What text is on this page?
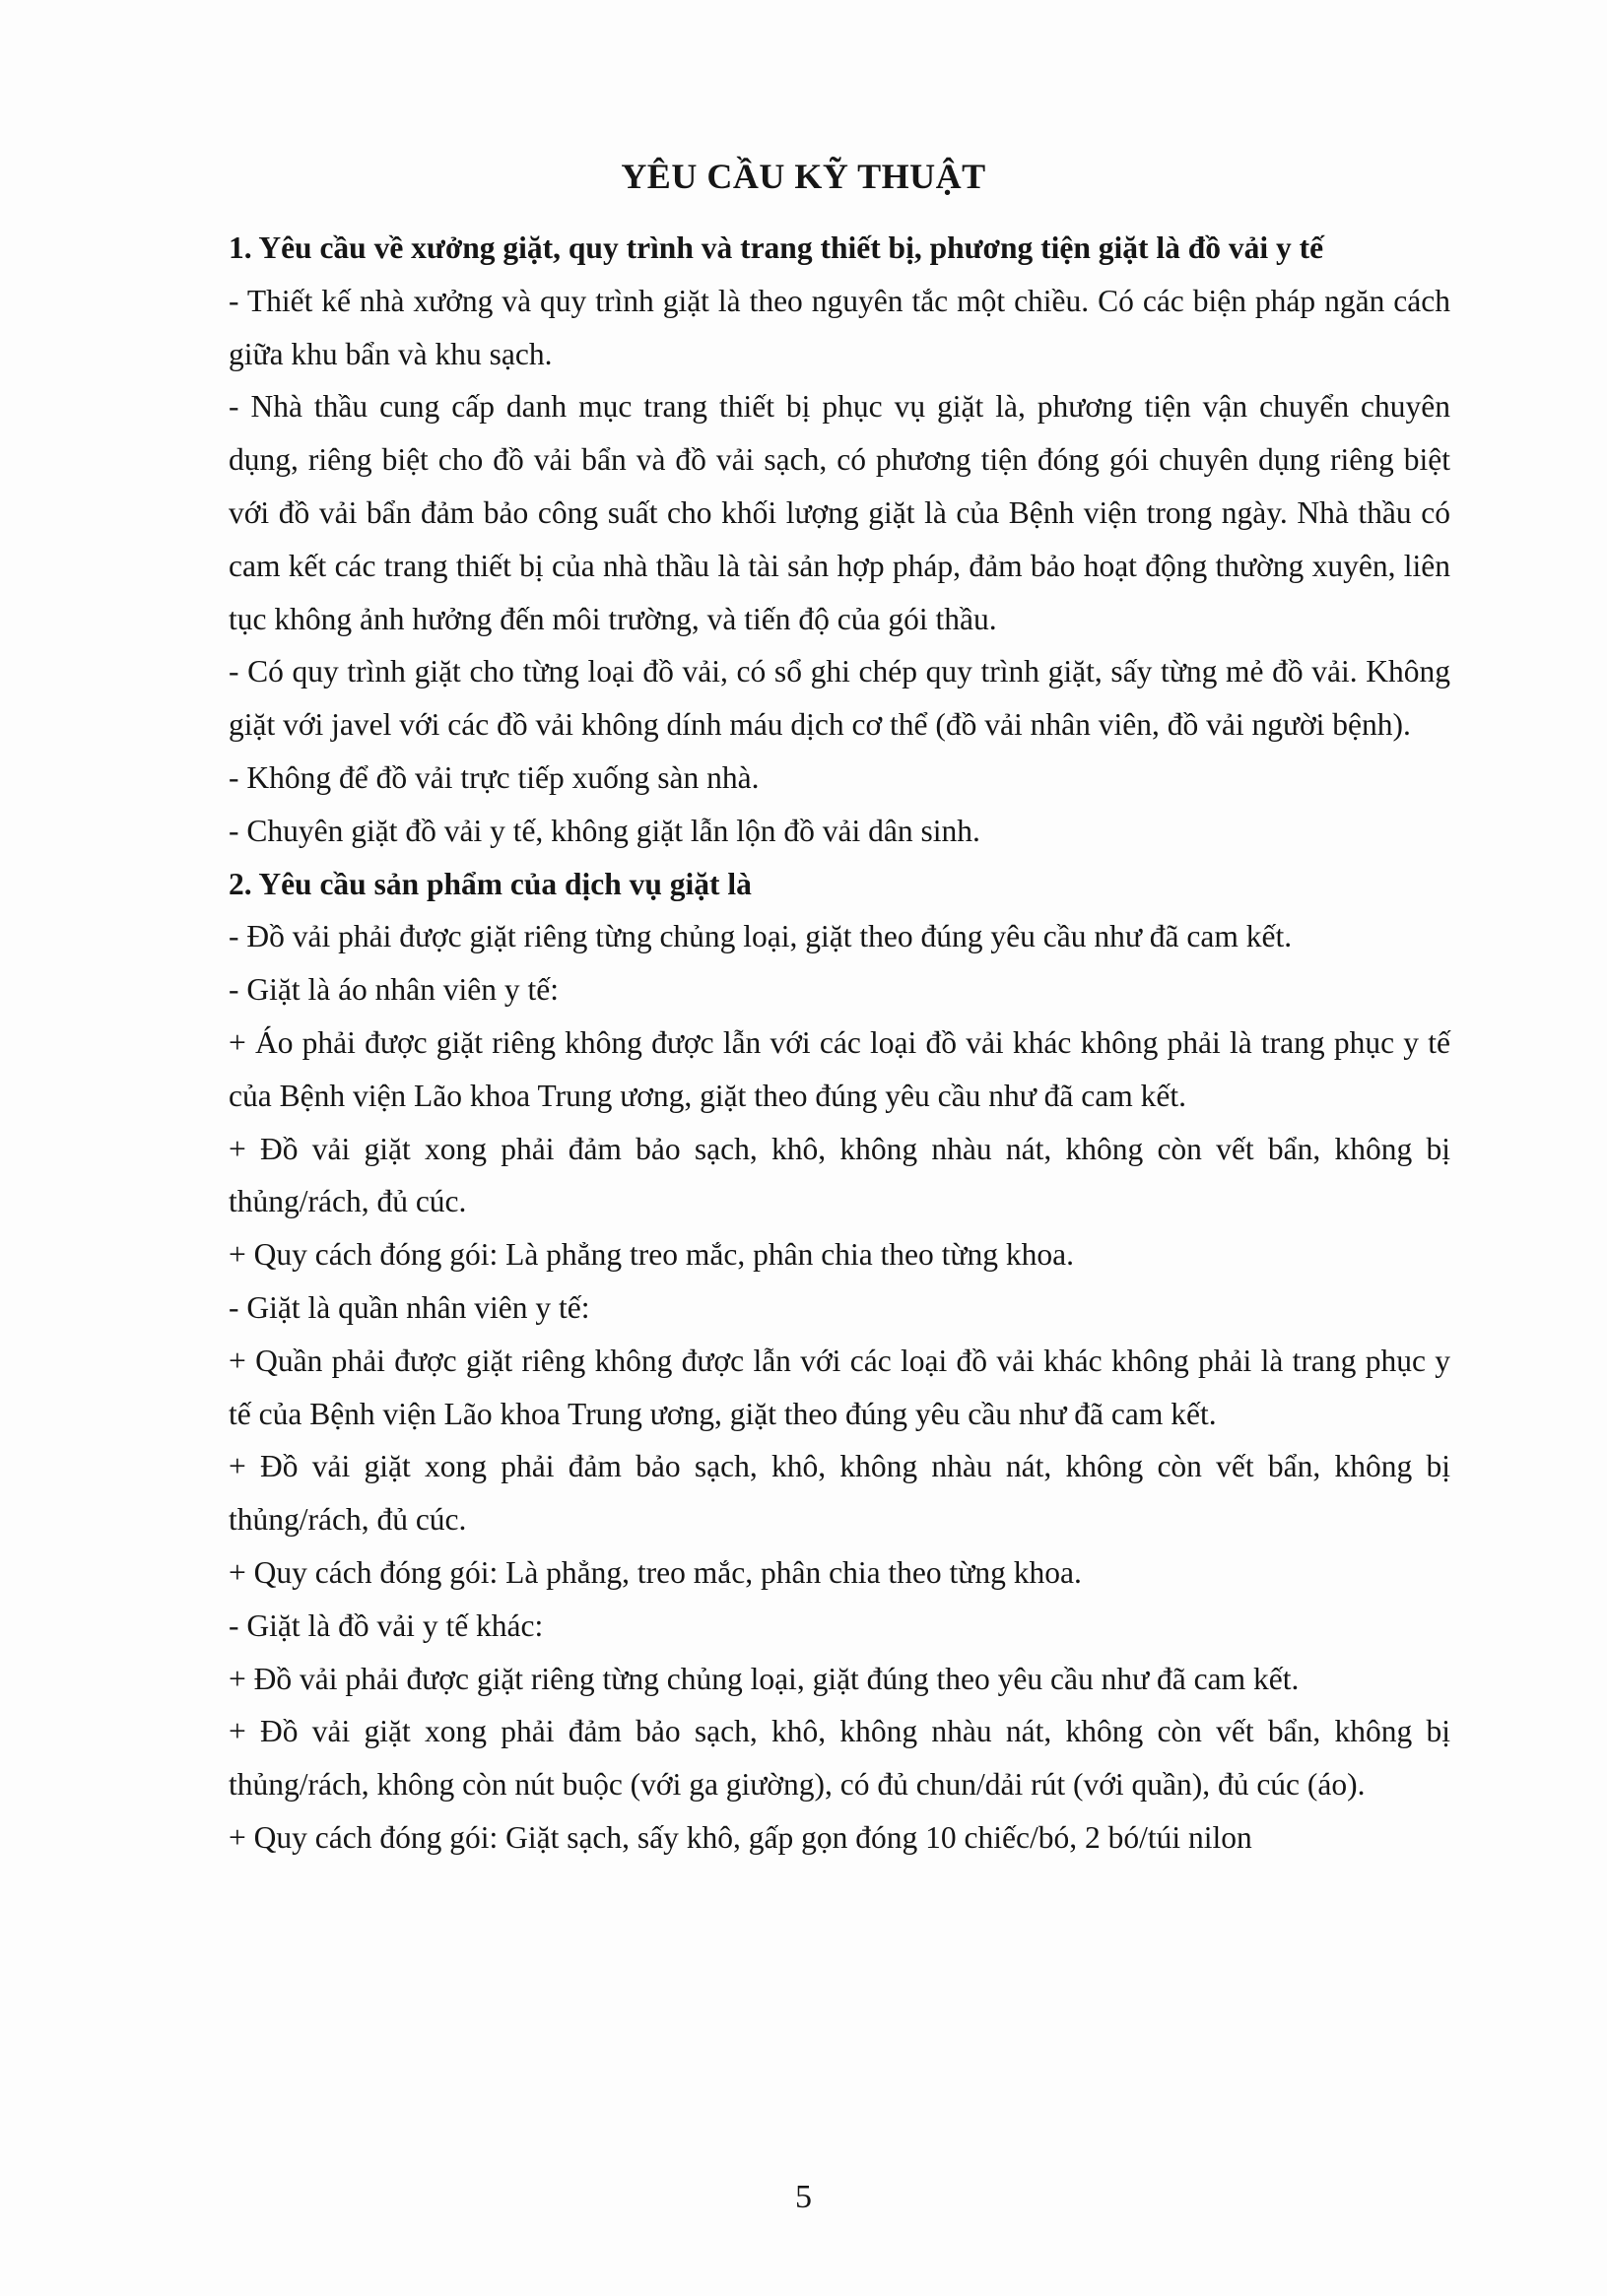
YÊU CẦU KỸ THUẬT

1. Yêu cầu về xưởng giặt, quy trình và trang thiết bị, phương tiện giặt là đồ vải y tế

- Thiết kế nhà xưởng và quy trình giặt là theo nguyên tắc một chiều. Có các biện pháp ngăn cách giữa khu bẩn và khu sạch.

- Nhà thầu cung cấp danh mục trang thiết bị phục vụ giặt là, phương tiện vận chuyển chuyên dụng, riêng biệt cho đồ vải bẩn và đồ vải sạch, có phương tiện đóng gói chuyên dụng riêng biệt với đồ vải bẩn đảm bảo công suất cho khối lượng giặt là của Bệnh viện trong ngày. Nhà thầu có cam kết các trang thiết bị của nhà thầu là tài sản hợp pháp, đảm bảo hoạt động thường xuyên, liên tục không ảnh hưởng đến môi trường, và tiến độ của gói thầu.

- Có quy trình giặt cho từng loại đồ vải, có sổ ghi chép quy trình giặt, sấy từng mẻ đồ vải. Không giặt với javel với các đồ vải không dính máu dịch cơ thể (đồ vải nhân viên, đồ vải người bệnh).

- Không để đồ vải trực tiếp xuống sàn nhà.

- Chuyên giặt đồ vải y tế, không giặt lẫn lộn đồ vải dân sinh.

2. Yêu cầu sản phẩm của dịch vụ giặt là

- Đồ vải phải được giặt riêng từng chủng loại, giặt theo đúng yêu cầu như đã cam kết.

- Giặt là áo nhân viên y tế:

+ Áo phải được giặt riêng không được lẫn với các loại đồ vải khác không phải là trang phục y tế của Bệnh viện Lão khoa Trung ương, giặt theo đúng yêu cầu như đã cam kết.

+ Đồ vải giặt xong phải đảm bảo sạch, khô, không nhàu nát, không còn vết bẩn, không bị thủng/rách, đủ cúc.

+ Quy cách đóng gói: Là phẳng treo mắc, phân chia theo từng khoa.

- Giặt là quần nhân viên y tế:

+ Quần phải được giặt riêng không được lẫn với các loại đồ vải khác không phải là trang phục y tế của Bệnh viện Lão khoa Trung ương, giặt theo đúng yêu cầu như đã cam kết.

+ Đồ vải giặt xong phải đảm bảo sạch, khô, không nhàu nát, không còn vết bẩn, không bị thủng/rách, đủ cúc.

+ Quy cách đóng gói: Là phẳng, treo mắc, phân chia theo từng khoa.

- Giặt là đồ vải y tế khác:

+ Đồ vải phải được giặt riêng từng chủng loại, giặt đúng theo yêu cầu như đã cam kết.

+ Đồ vải giặt xong phải đảm bảo sạch, khô, không nhàu nát, không còn vết bẩn, không bị thủng/rách, không còn nút buộc (với ga giường), có đủ chun/dải rút (với quần), đủ cúc (áo).

+ Quy cách đóng gói: Giặt sạch, sấy khô, gấp gọn đóng 10 chiếc/bó, 2 bó/túi nilon

5
